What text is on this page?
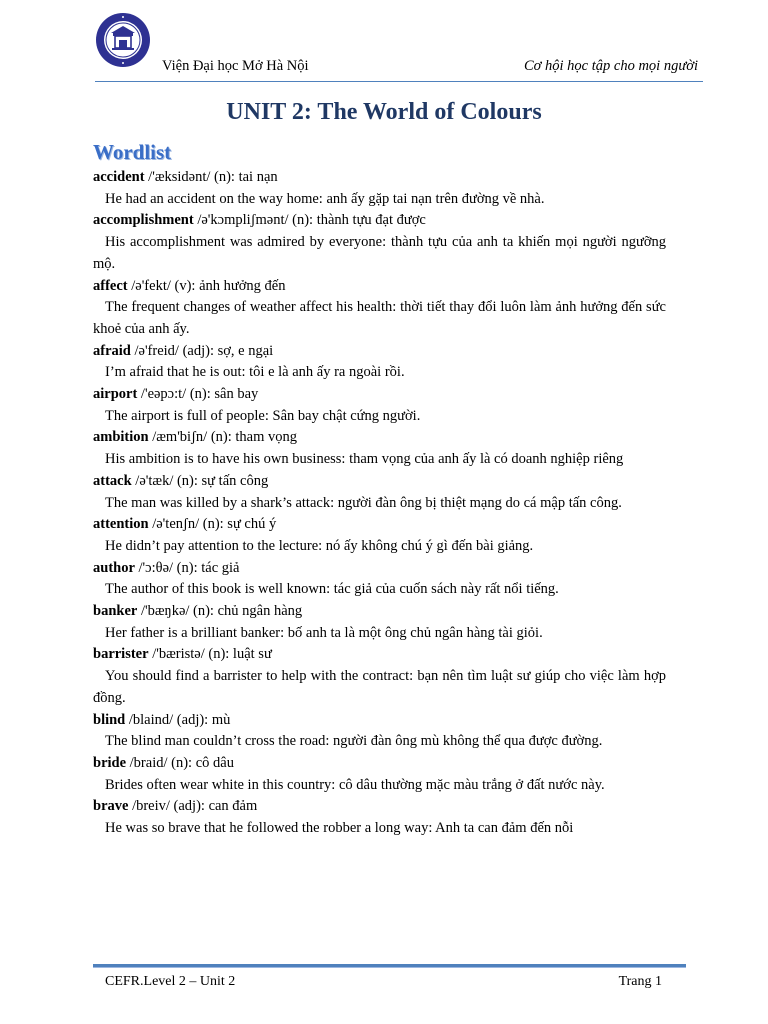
Viện Đại học Mở Hà Nội	Cơ hội học tập cho mọi người
UNIT 2: The World of Colours
Wordlist
accident /'æksidənt/ (n): tai nạn
He had an accident on the way home: anh ấy gặp tai nạn trên đường về nhà.
accomplishment /ə'kɔmpliʃmənt/ (n): thành tựu đạt được
His accomplishment was admired by everyone: thành tựu của anh ta khiến mọi người ngưỡng mộ.
affect /ə'fekt/ (v): ảnh hưởng đến
The frequent changes of weather affect his health: thời tiết thay đổi luôn làm ảnh hưởng đến sức khoẻ của anh ấy.
afraid /ə'freid/ (adj): sợ, e ngại
I’m afraid that he is out: tôi e là anh ấy ra ngoài rồi.
airport /'eəpɔ:t/ (n): sân bay
The airport is full of people: Sân bay chật cứng người.
ambition /æm'biʃn/ (n): tham vọng
His ambition is to have his own business: tham vọng của anh ấy là có doanh nghiệp riêng
attack /ə'tæk/ (n): sự tấn công
The man was killed by a shark’s attack: người đàn ông bị thiệt mạng do cá mập tấn công.
attention /ə'tenʃn/ (n): sự chú ý
He didn’t pay attention to the lecture: nó ấy không chú ý gì đến bài giảng.
author /'ɔ:θə/ (n): tác giả
The author of this book is well known: tác giả của cuốn sách này rất nổi tiếng.
banker /'bæŋkə/ (n): chủ ngân hàng
Her father is a brilliant banker: bố anh ta là một ông chủ ngân hàng tài giỏi.
barrister /'bæristə/ (n): luật sư
You should find a barrister to help with the contract: bạn nên tìm luật sư giúp cho việc làm hợp đồng.
blind /blaind/ (adj): mù
The blind man couldn’t cross the road: người đàn ông mù không thể qua được đường.
bride /braid/ (n): cô dâu
Brides often wear white in this country: cô dâu thường mặc màu trắng ở đất nước này.
brave /breiv/ (adj): can đảm
He was so brave that he followed the robber a long way: Anh ta can đảm đến nỗi
CEFR.Level 2 – Unit 2	Trang 1
